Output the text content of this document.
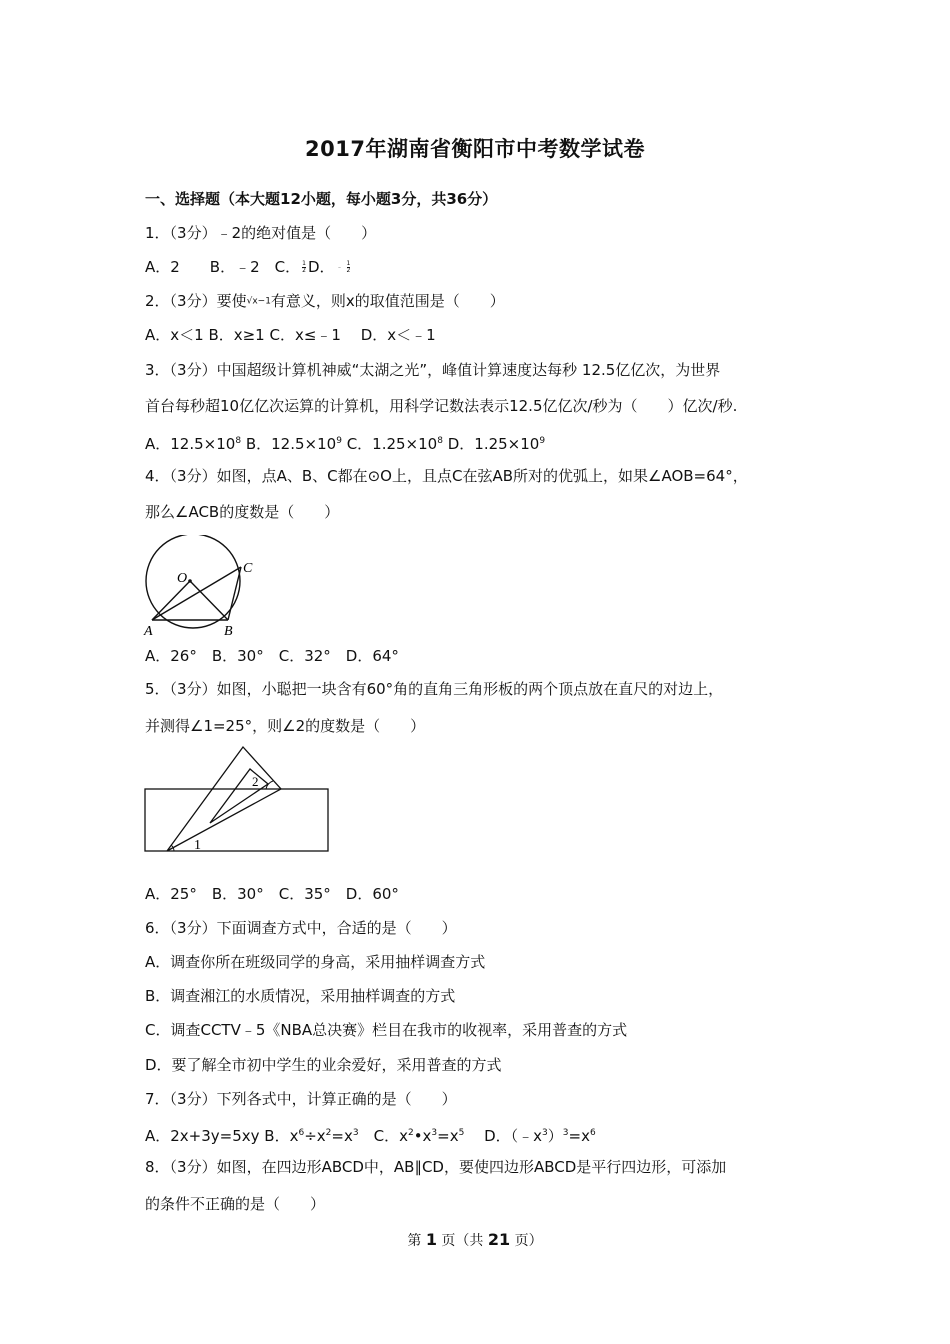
2017年湖南省衡阳市中考数学试卷
一、选择题（本大题12小题，每小题3分，共36分）
1．（3分）﹣2的绝对值是（　　）
A．2　　B．﹣2　C． $\frac{1}{2}$ D． ﹣ $\frac{1}{2}$
2．（3分）要使√x−1有意义，则x的取值范围是（　　）
A．x＜1 B．x≥1 C．x≤﹣1　 D．x＜﹣1
3．（3分）中国超级计算机神威“太湖之光”，峰值计算速度达每秒 12.5亿亿次，为世界
首台每秒超10亿亿次运算的计算机，用科学记数法表示12.5亿亿次/秒为（　　）亿次/秒.
A．$12.5\times 10^8$ B．$12.5\times 10^9$ C．$1.25\times 10^8$ D．$1.25\times 10^9$
4．（3分）如图，点A、B、C都在⊙O上，且点C在弦AB所对的优弧上，如果∠AOB=64°，
那么∠ACB的度数是（　　）
O
A	B
C
A．26°　B．30°　C．32°　D．64°
5．（3分）如图，小聪把一块含有60°角的直角三角形板的两个顶点放在直尺的对边上，
并测得∠1=25°，则∠2的度数是（　　）
1
2
A．25°　B．30°　C．35°　D．60°
6．（3分）下面调查方式中，合适的是（　　）
A．调查你所在班级同学的身高，采用抽样调查方式
B．调查湘江的水质情况，采用抽样调查的方式
C．调查CCTV﹣5《NBA总决赛》栏目在我市的收视率，采用普查的方式
D．要了解全市初中学生的业余爱好，采用普查的方式
7．（3分）下列各式中，计算正确的是（　　）
A．2x+3y=5xy B．$x^6\div x^2=x^3$　C．$x^2•x^3=x^5$　 D．$(﹣x^3)^3=x^6$
8．（3分）如图，在四边形ABCD中，AB∥CD，要使四边形ABCD是平行四边形，可添加
的条件不正确的是（　　）
第 1 页（共 21 页）
